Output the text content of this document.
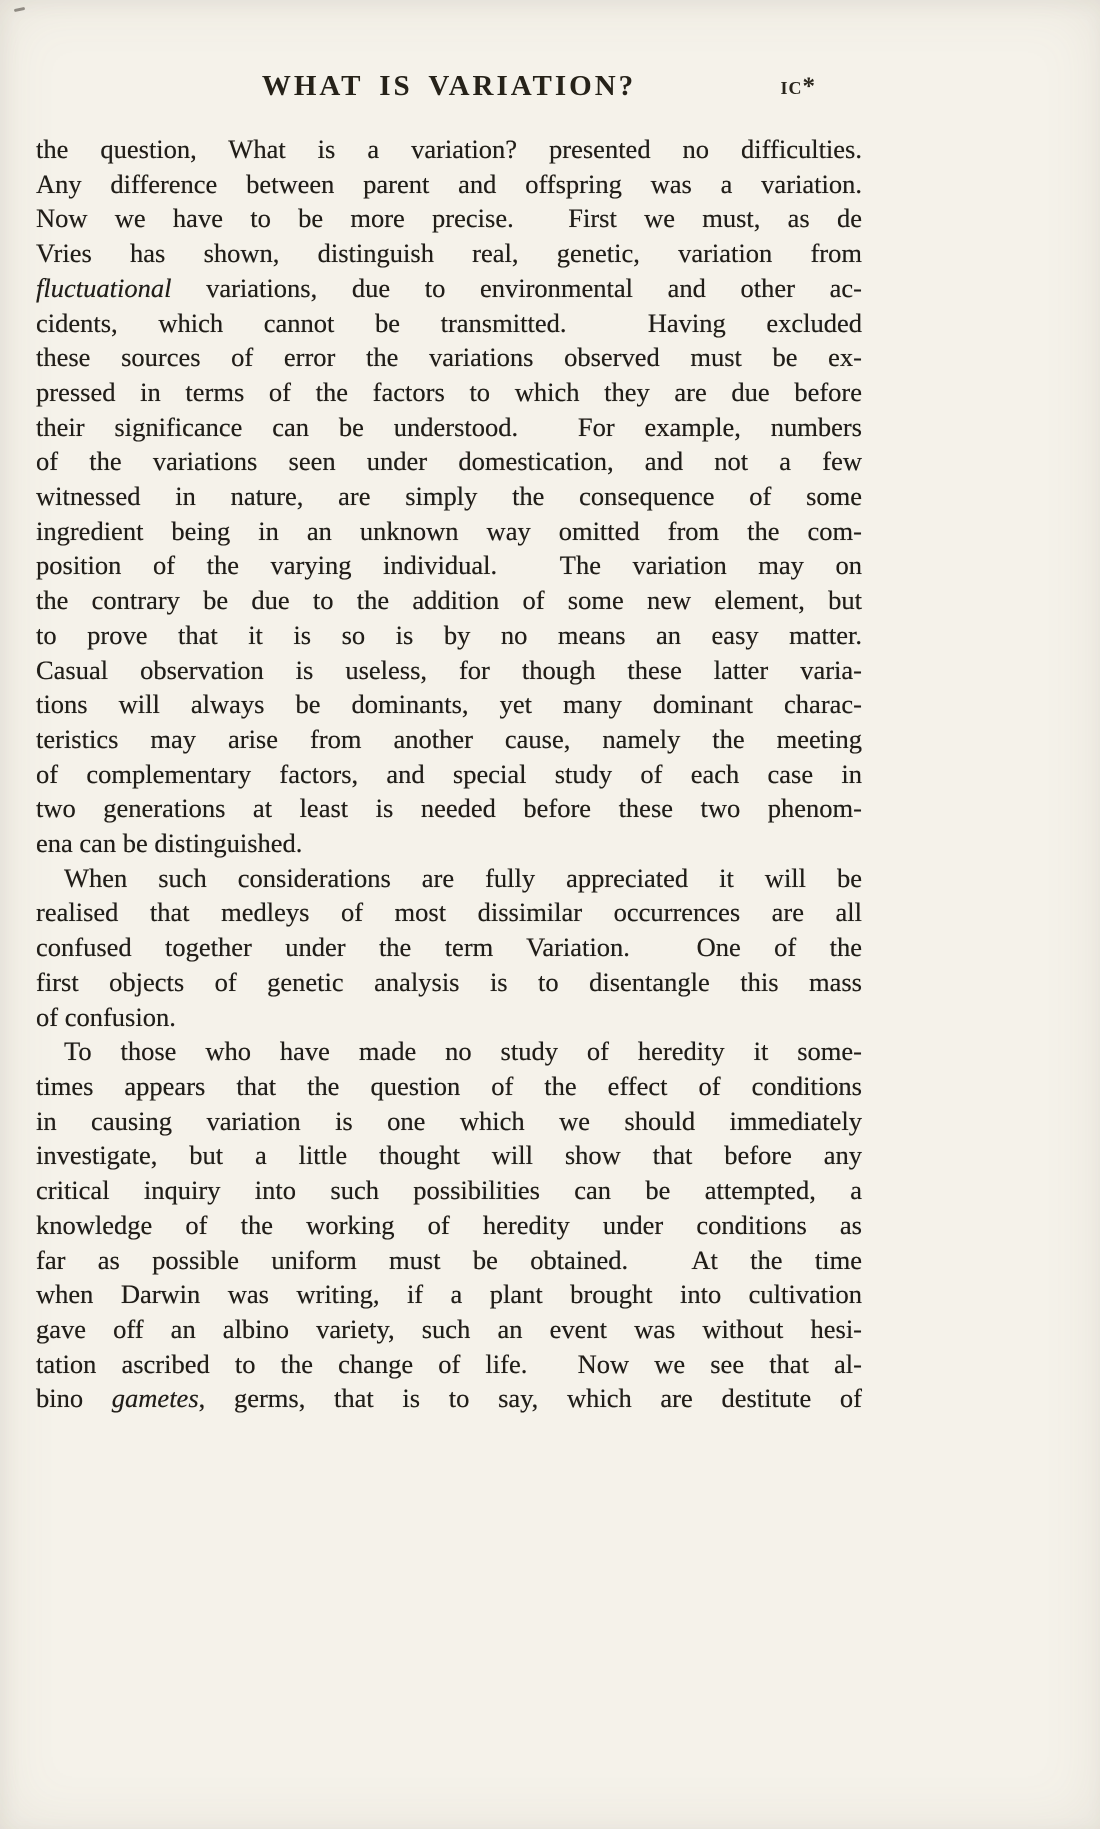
WHAT IS VARIATION?	ic*
the question, What is a variation? presented no difficulties.
Any difference between parent and offspring was a variation.
Now we have to be more precise.  First we must, as de
Vries has shown, distinguish real, genetic, variation from
fluctuational variations, due to environmental and other ac-
cidents, which cannot be transmitted.  Having excluded
these sources of error the variations observed must be ex-
pressed in terms of the factors to which they are due before
their significance can be understood.  For example, numbers
of the variations seen under domestication, and not a few
witnessed in nature, are simply the consequence of some
ingredient being in an unknown way omitted from the com-
position of the varying individual.  The variation may on
the contrary be due to the addition of some new element, but
to prove that it is so is by no means an easy matter.
Casual observation is useless, for though these latter varia-
tions will always be dominants, yet many dominant charac-
teristics may arise from another cause, namely the meeting
of complementary factors, and special study of each case in
two generations at least is needed before these two phenom-
ena can be distinguished.
When such considerations are fully appreciated it will be
realised that medleys of most dissimilar occurrences are all
confused together under the term Variation.  One of the
first objects of genetic analysis is to disentangle this mass
of confusion.
To those who have made no study of heredity it some-
times appears that the question of the effect of conditions
in causing variation is one which we should immediately
investigate, but a little thought will show that before any
critical inquiry into such possibilities can be attempted, a
knowledge of the working of heredity under conditions as
far as possible uniform must be obtained.  At the time
when Darwin was writing, if a plant brought into cultivation
gave off an albino variety, such an event was without hesi-
tation ascribed to the change of life.  Now we see that al-
bino gametes, germs, that is to say, which are destitute of
